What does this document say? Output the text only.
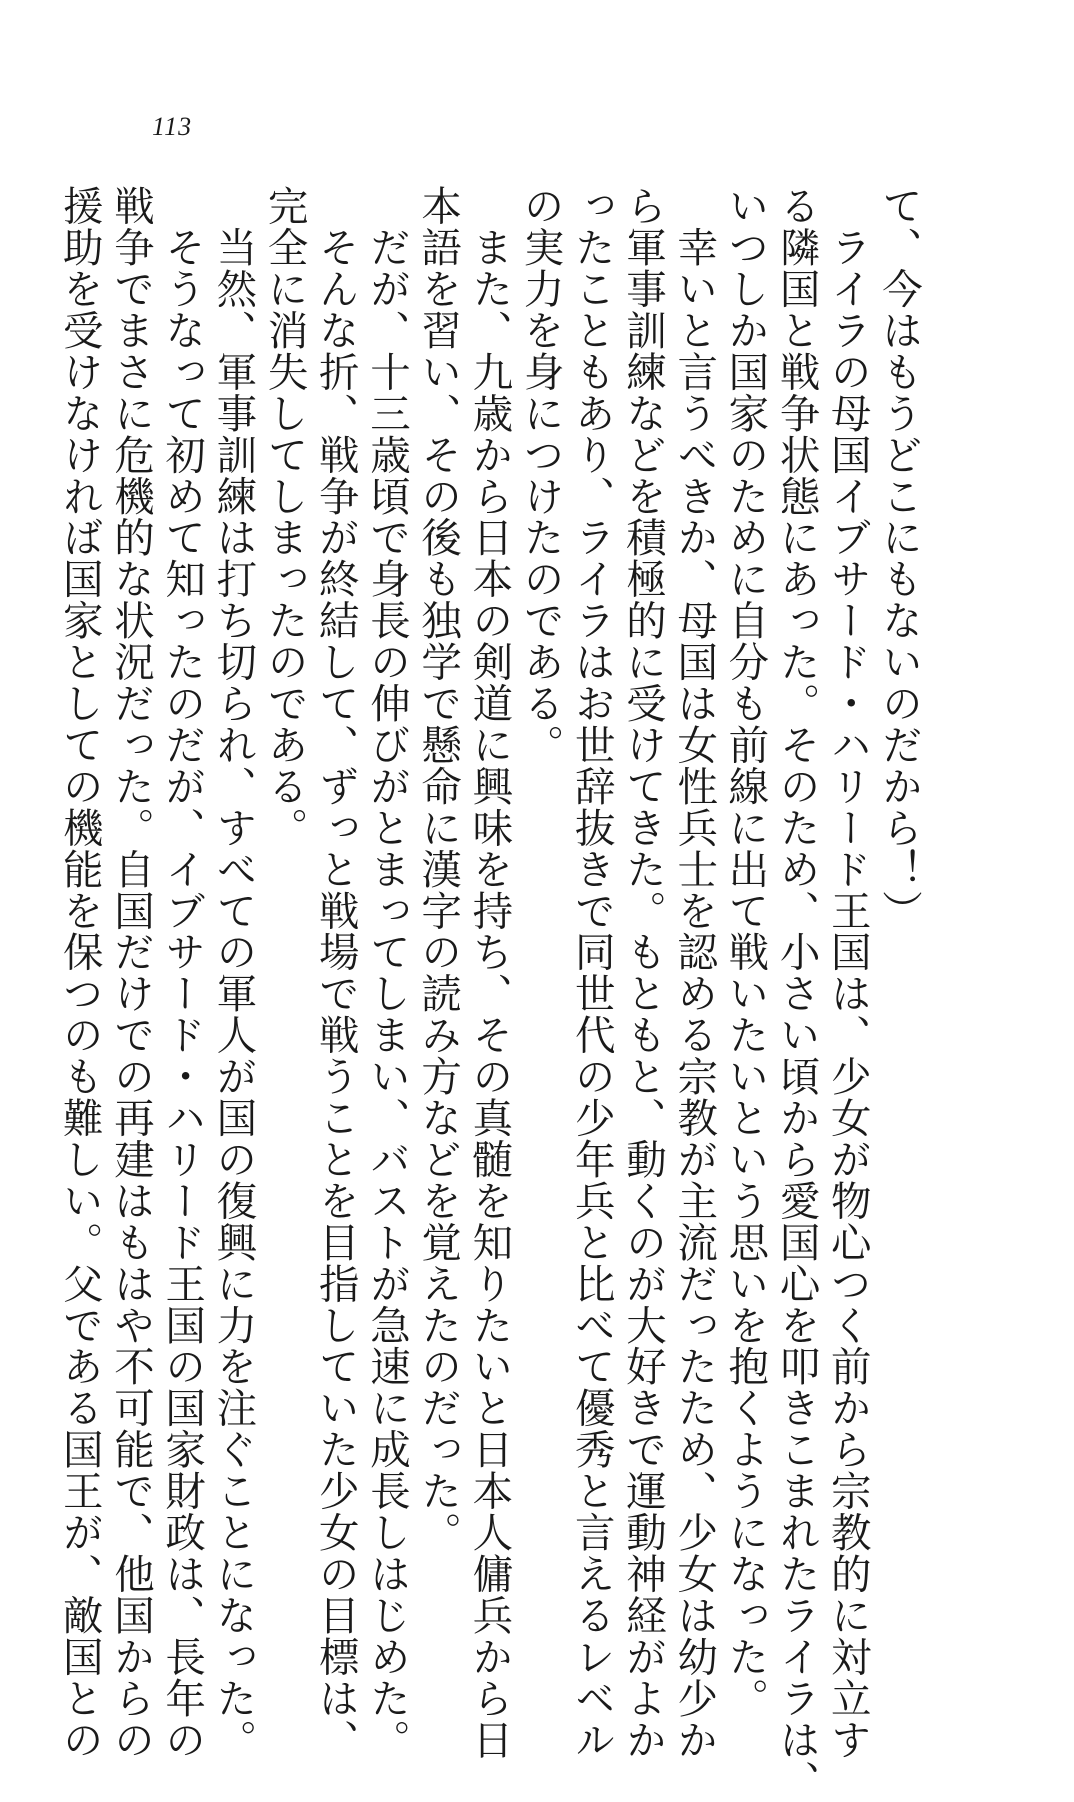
113
て、今はもうどこにもないのだから！）
　ライラの母国イブサード・ハリード王国は、少女が物心つく前から宗教的に対立す
る隣国と戦争状態にあった。そのため、小さい頃から愛国心を叩きこまれたライラは、
いつしか国家のために自分も前線に出て戦いたいという思いを抱くようになった。
　幸いと言うべきか、母国は女性兵士を認める宗教が主流だったため、少女は幼少か
ら軍事訓練などを積極的に受けてきた。もともと、動くのが大好きで運動神経がよか
ったこともあり、ライラはお世辞抜きで同世代の少年兵と比べて優秀と言えるレベル
の実力を身につけたのである。
　また、九歳から日本の剣道に興味を持ち、その真髄を知りたいと日本人傭兵から日
本語を習い、その後も独学で懸命に漢字の読み方などを覚えたのだった。
　だが、十三歳頃で身長の伸びがとまってしまい、バストが急速に成長しはじめた。
　そんな折、戦争が終結して、ずっと戦場で戦うことを目指していた少女の目標は、
完全に消失してしまったのである。
　当然、軍事訓練は打ち切られ、すべての軍人が国の復興に力を注ぐことになった。
　そうなって初めて知ったのだが、イブサード・ハリード王国の国家財政は、長年の
戦争でまさに危機的な状況だった。自国だけでの再建はもはや不可能で、他国からの
援助を受けなければ国家としての機能を保つのも難しい。父である国王が、敵国との
